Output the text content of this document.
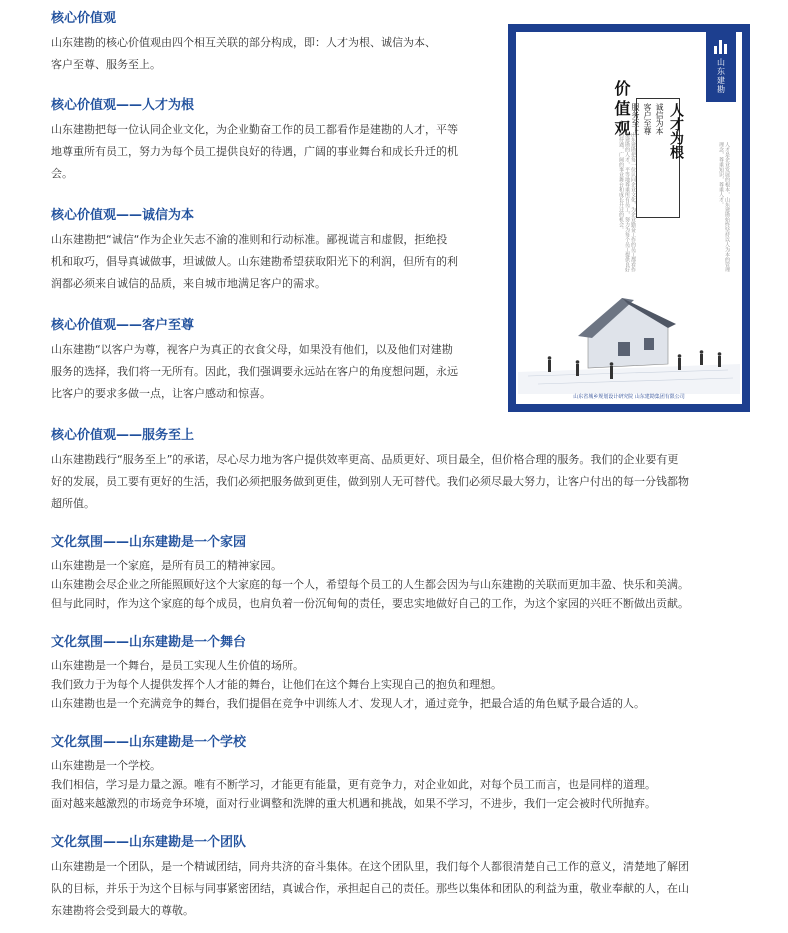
核心价值观

山东建勘的核心价值观由四个相互关联的部分构成，即：人才为根、诚信为本、

客户至尊、服务至上。

核心价值观——人才为根

山东建勘把每一位认同企业文化，为企业勤奋工作的员工都看作是建勘的人才，平等

地尊重所有员工，努力为每个员工提供良好的待遇，广阔的事业舞台和成长升迁的机

会。

核心价值观——诚信为本

山东建勘把“诚信“作为企业矢志不渝的准则和行动标准。鄙视谎言和虚假，拒绝投

机和取巧，倡导真诚做事，坦诚做人。山东建勘希望获取阳光下的利润，但所有的利

润都必须来自诚信的品质，来自城市地满足客户的需求。

核心价值观——客户至尊

山东建勘“以客户为尊，视客户为真正的衣食父母，如果没有他们，以及他们对建勘

服务的选择，我们将一无所有。因此，我们强调要永远站在客户的角度想问题，永远

比客户的要求多做一点，让客户感动和惊喜。

核心价值观——服务至上

山东建勘践行“服务至上”的承诺，尽心尽力地为客户提供效率更高、品质更好、项目最全，但价格合理的服务。我们的企业要有更

好的发展，员工要有更好的生活，我们必须把服务做到更佳，做到别人无可替代。我们必须尽最大努力，让客户付出的每一分钱都物

超所值。

文化氛围——山东建勘是一个家园

山东建勘是一个家庭，是所有员工的精神家园。

山东建勘会尽企业之所能照顾好这个大家庭的每一个人，希望每个员工的人生都会因为与山东建勘的关联而更加丰盈、快乐和美满。

但与此同时，作为这个家庭的每个成员，也肩负着一份沉甸甸的责任，要忠实地做好自己的工作，为这个家园的兴旺不断做出贡献。

文化氛围——山东建勘是一个舞台

山东建勘是一个舞台，是员工实现人生价值的场所。

我们致力于为每个人提供发挥个人才能的舞台，让他们在这个舞台上实现自己的抱负和理想。

山东建勘也是一个充满竞争的舞台，我们提倡在竞争中训练人才、发现人才，通过竞争，把最合适的角色赋予最合适的人。

文化氛围——山东建勘是一个学校

山东建勘是一个学校。

我们相信，学习是力量之源。唯有不断学习，才能更有能量，更有竞争力，对企业如此，对每个员工而言，也是同样的道理。

面对越来越激烈的市场竞争环境，面对行业调整和洗牌的重大机遇和挑战，如果不学习，不进步，我们一定会被时代所抛弃。

文化氛围——山东建勘是一个团队

山东建勘是一个团队，是一个精诚团结，同舟共济的奋斗集体。在这个团队里，我们每个人都很清楚自己工作的意义，清楚地了解团

队的目标，并乐于为这个目标与同事紧密团结，真诚合作，承担起自己的责任。那些以集体和团队的利益为重，敬业奉献的人，在山

东建勘将会受到最大的尊敬。

山东建勘
价值观	人才为根
诚信为本
客户至尊
服务至上
山东建勘把每一位认同企业文化，为企业勤奋工作的员工都看作是建勘的人才，平等地尊重所有员工，努力为每个员工提供良好的待遇，广阔的事业舞台和成长升迁的机会。	人才是企业发展的根本，山东建勘始终坚持以人为本的管理理念，尊重知识，尊重人才。
山东省城乡规划设计研究院 山东建勘集团有限公司
